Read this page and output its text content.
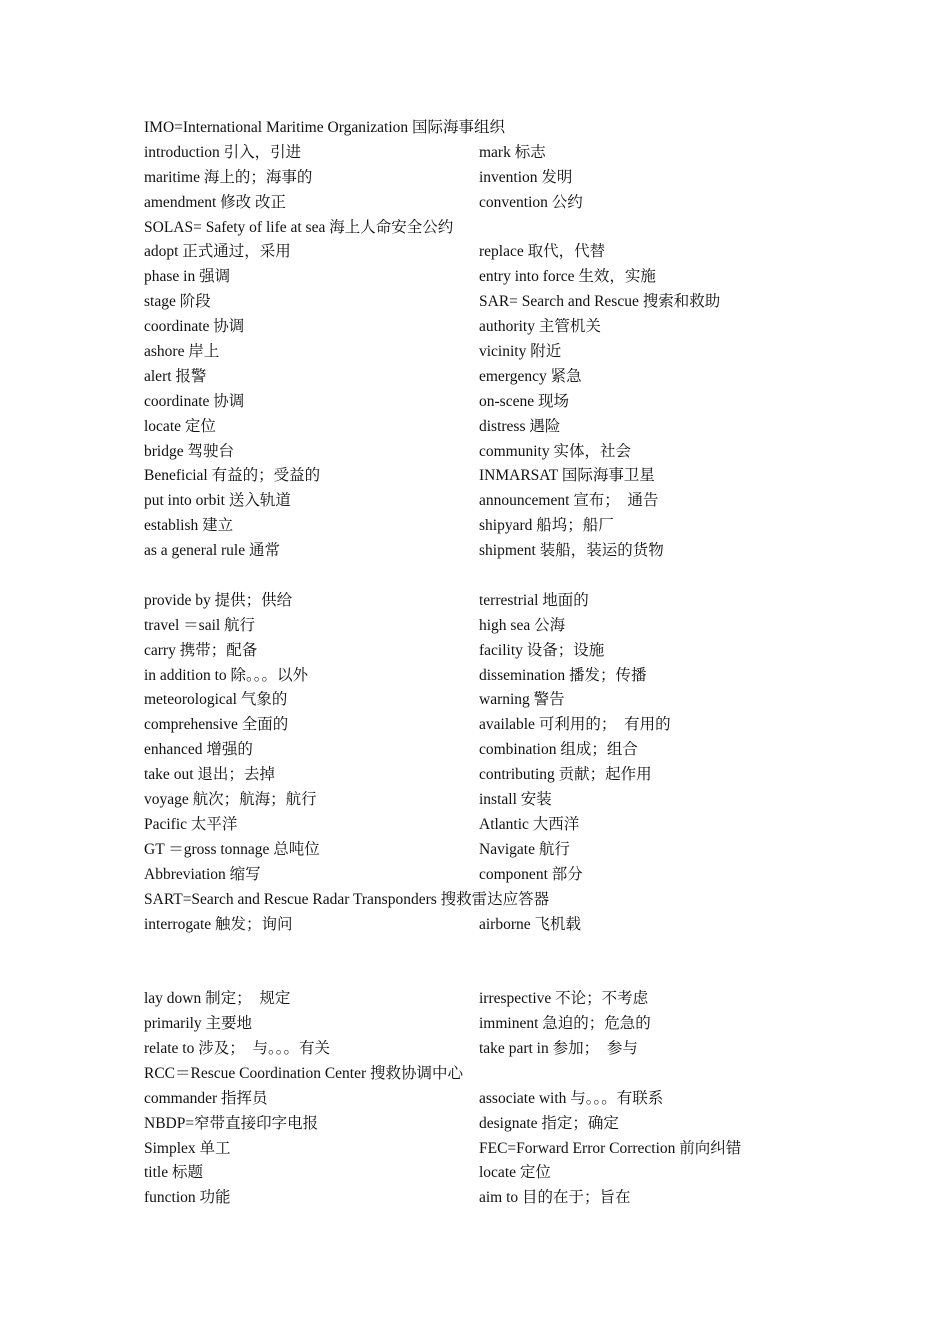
IMO=International Maritime Organization 国际海事组织
introduction 引入，引进	mark 标志
maritime 海上的；海事的	invention 发明
amendment 修改 改正	convention 公约
SOLAS= Safety of life at sea 海上人命安全公约
adopt 正式通过，采用	replace 取代，代替
phase in 强调	entry into force 生效，实施
stage 阶段	SAR= Search and Rescue 搜索和救助
coordinate 协调	authority 主管机关
ashore 岸上	vicinity 附近
alert 报警	emergency 紧急
coordinate 协调	on-scene 现场
locate 定位	distress 遇险
bridge 驾驶台	community 实体，社会
Beneficial 有益的；受益的	INMARSAT 国际海事卫星
put into orbit 送入轨道	announcement 宣布；　通告
establish 建立	shipyard 船坞；船厂
as a general rule 通常	shipment 装船，装运的货物
provide by 提供；供给	terrestrial 地面的
travel ＝sail 航行	high sea 公海
carry 携带；配备	facility 设备；设施
in addition to 除。。。以外	dissemination 播发；传播
meteorological 气象的	warning 警告
comprehensive 全面的	available 可利用的；　有用的
enhanced 增强的	combination 组成；组合
take out 退出；去掉	contributing 贡献；起作用
voyage 航次；航海；航行	install 安装
Pacific 太平洋	Atlantic 大西洋
GT ＝gross tonnage 总吨位	Navigate 航行
Abbreviation 缩写	component 部分
SART=Search and Rescue Radar Transponders 搜救雷达应答器
interrogate 触发；询问	airborne 飞机载
lay down 制定；　规定	irrespective 不论；不考虑
primarily 主要地	imminent 急迫的；危急的
relate to 涉及；　与。。。有关	take part in 参加；　参与
RCC＝Rescue Coordination Center 搜救协调中心
commander 指挥员	associate with 与。。。有联系
NBDP=窄带直接印字电报	designate 指定；确定
Simplex 单工	FEC=Forward Error Correction 前向纠错
title 标题	locate 定位
function 功能	aim to 目的在于；旨在
